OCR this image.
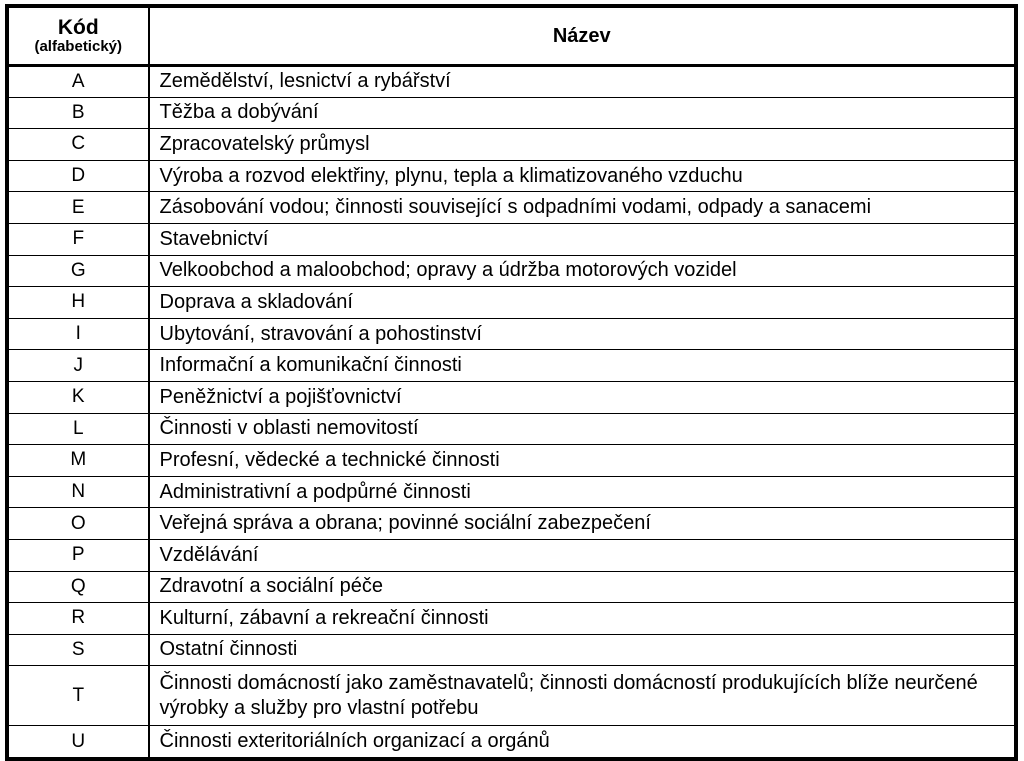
Kód
(alfabetický)	Název
A	Zemědělství, lesnictví a rybářství
B	Těžba a dobývání
C	Zpracovatelský průmysl
D	Výroba a rozvod elektřiny, plynu, tepla a klimatizovaného vzduchu
E	Zásobování vodou; činnosti související s odpadními vodami, odpady a sanacemi
F	Stavebnictví
G	Velkoobchod a maloobchod; opravy a údržba motorových vozidel
H	Doprava a skladování
I	Ubytování, stravování a pohostinství
J	Informační a komunikační činnosti
K	Peněžnictví a pojišťovnictví
L	Činnosti v oblasti nemovitostí
M	Profesní, vědecké a technické činnosti
N	Administrativní a podpůrné činnosti
O	Veřejná správa a obrana; povinné sociální zabezpečení
P	Vzdělávání
Q	Zdravotní a sociální péče
R	Kulturní, zábavní a rekreační činnosti
S	Ostatní činnosti
T	Činnosti domácností jako zaměstnavatelů; činnosti domácností produkujících blíže neurčené výrobky a služby pro vlastní potřebu
U	Činnosti exteritoriálních organizací a orgánů
